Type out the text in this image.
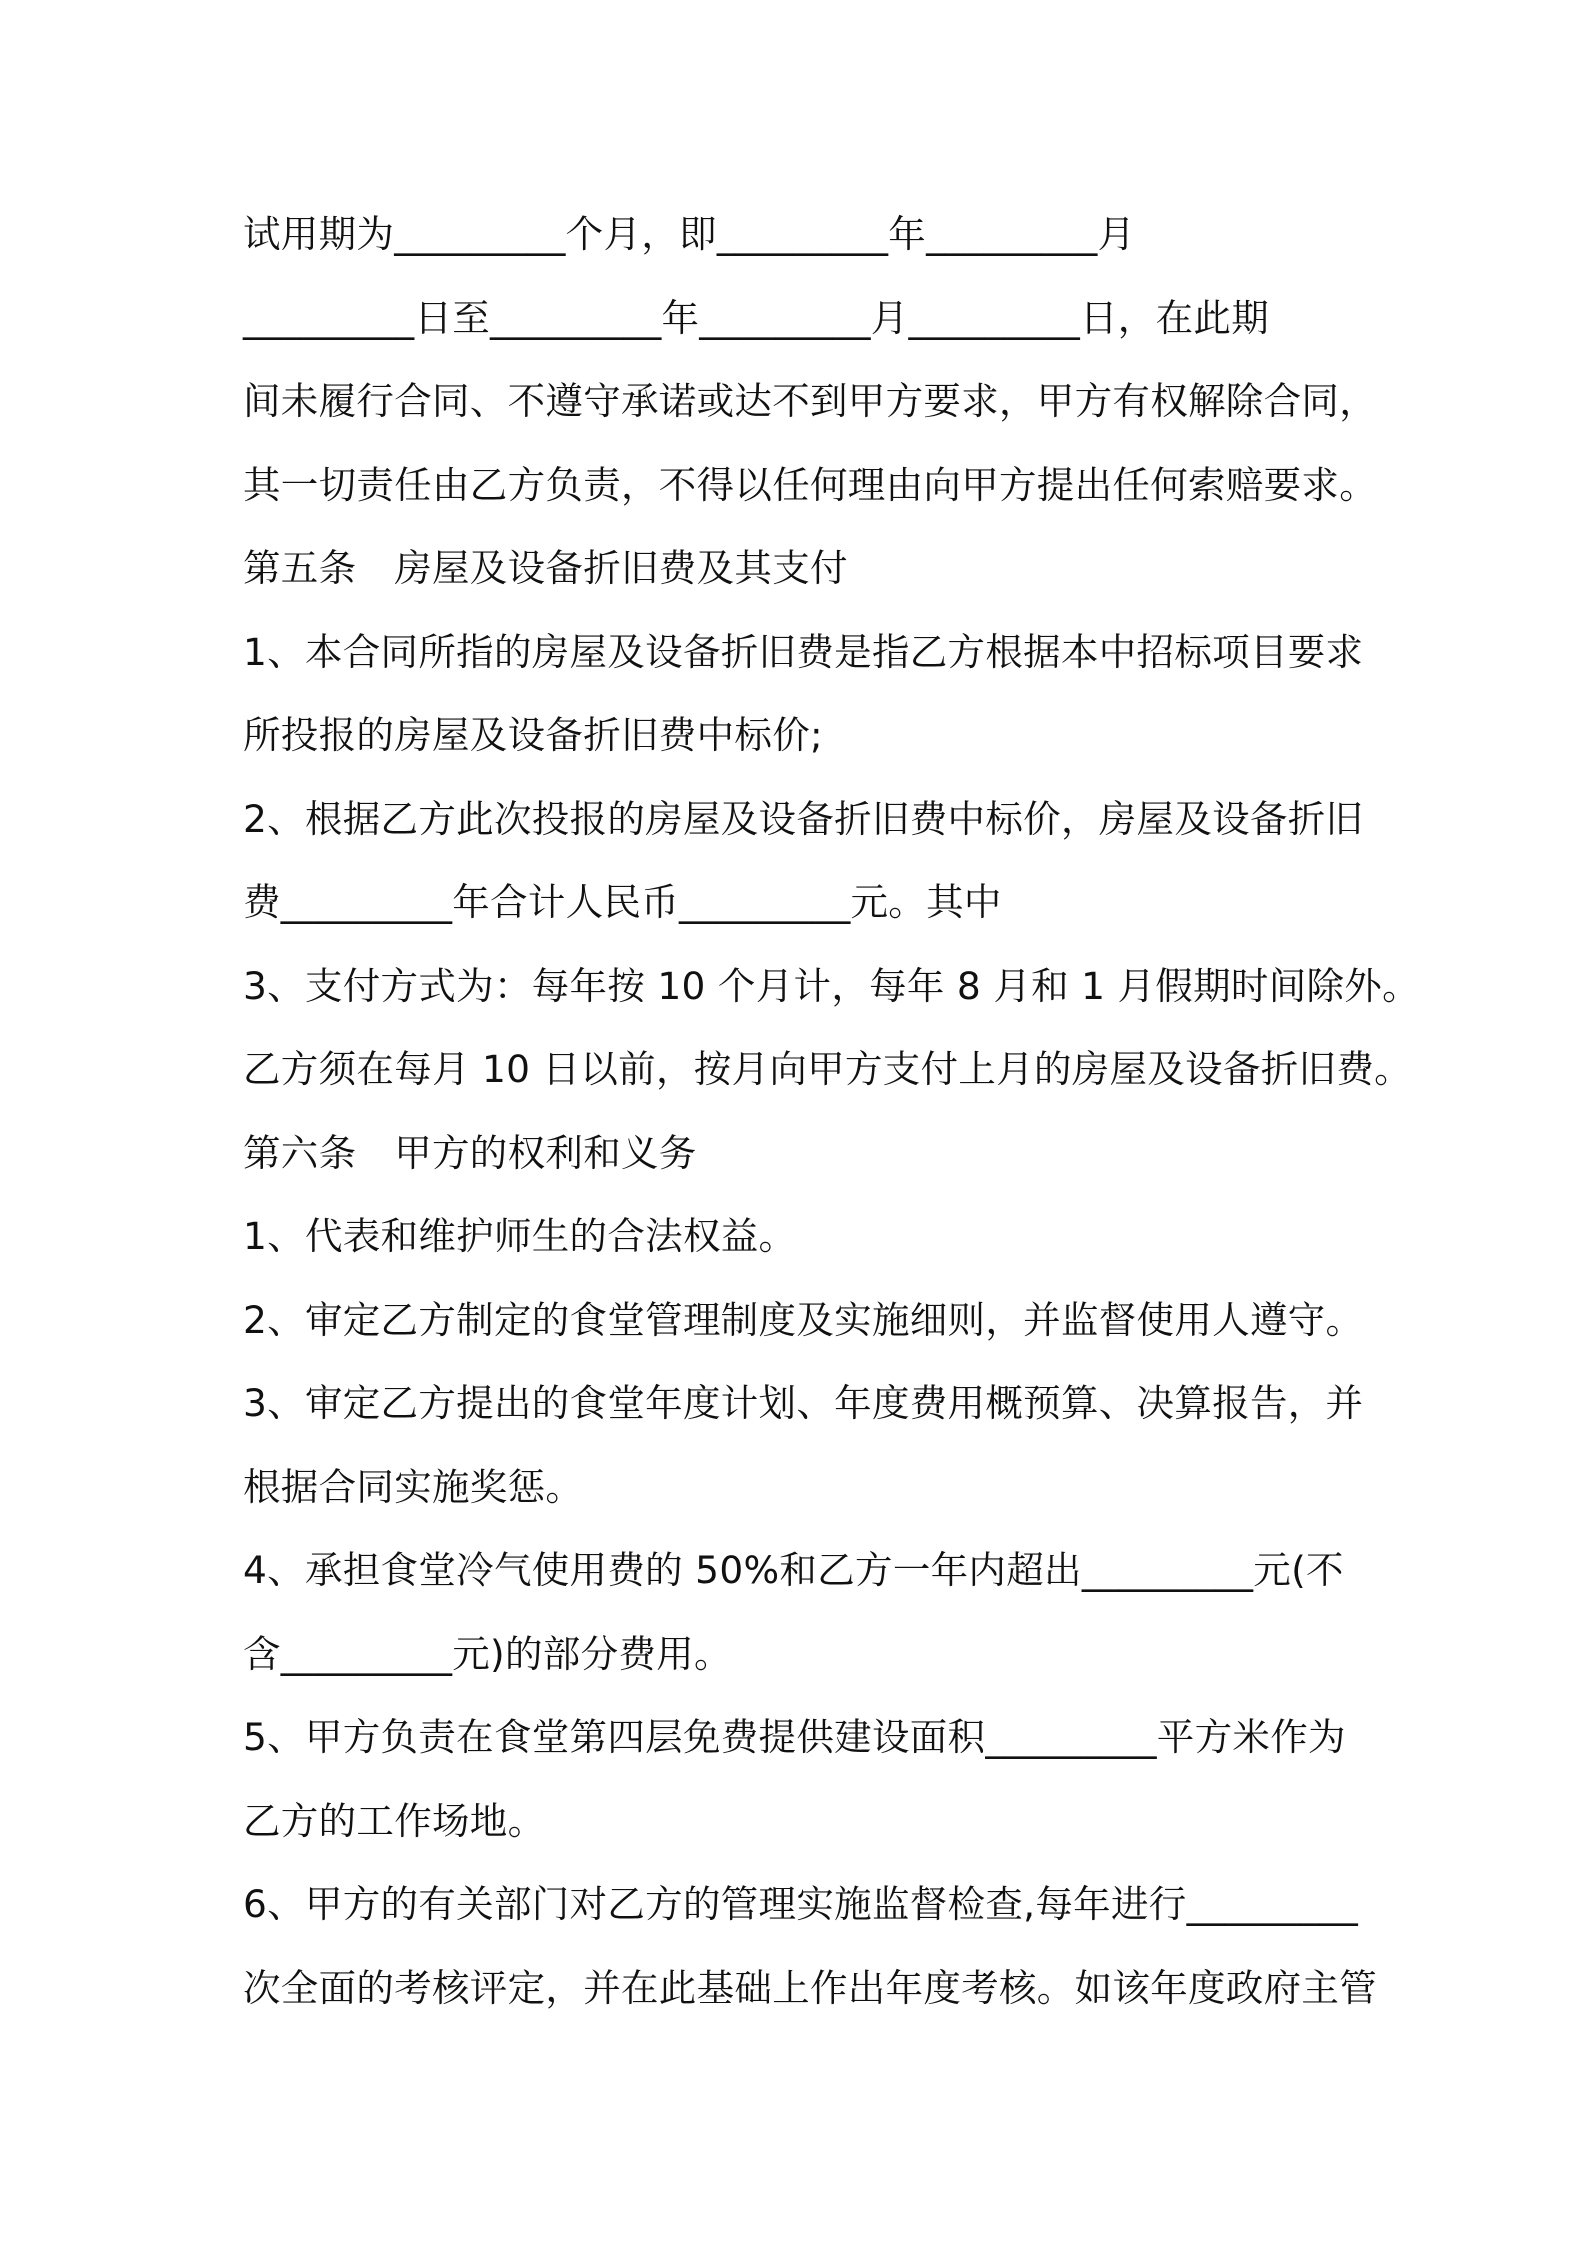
试用期为_________个月，即_________年_________月
_________日至_________年_________月_________日，在此期
间未履行合同、不遵守承诺或达不到甲方要求，甲方有权解除合同，
其一切责任由乙方负责，不得以任何理由向甲方提出任何索赔要求。
第五条　房屋及设备折旧费及其支付
1、本合同所指的房屋及设备折旧费是指乙方根据本中招标项目要求
所投报的房屋及设备折旧费中标价;
2、根据乙方此次投报的房屋及设备折旧费中标价，房屋及设备折旧
费_________年合计人民币_________元。其中
3、支付方式为：每年按 10 个月计，每年 8 月和 1 月假期时间除外。
乙方须在每月 10 日以前，按月向甲方支付上月的房屋及设备折旧费。
第六条　甲方的权利和义务
1、代表和维护师生的合法权益。
2、审定乙方制定的食堂管理制度及实施细则，并监督使用人遵守。
3、审定乙方提出的食堂年度计划、年度费用概预算、决算报告，并
根据合同实施奖惩。
4、承担食堂冷气使用费的 50%和乙方一年内超出_________元(不
含_________元)的部分费用。
5、甲方负责在食堂第四层免费提供建设面积_________平方米作为
乙方的工作场地。
6、甲方的有关部门对乙方的管理实施监督检查,每年进行_________
次全面的考核评定，并在此基础上作出年度考核。如该年度政府主管
